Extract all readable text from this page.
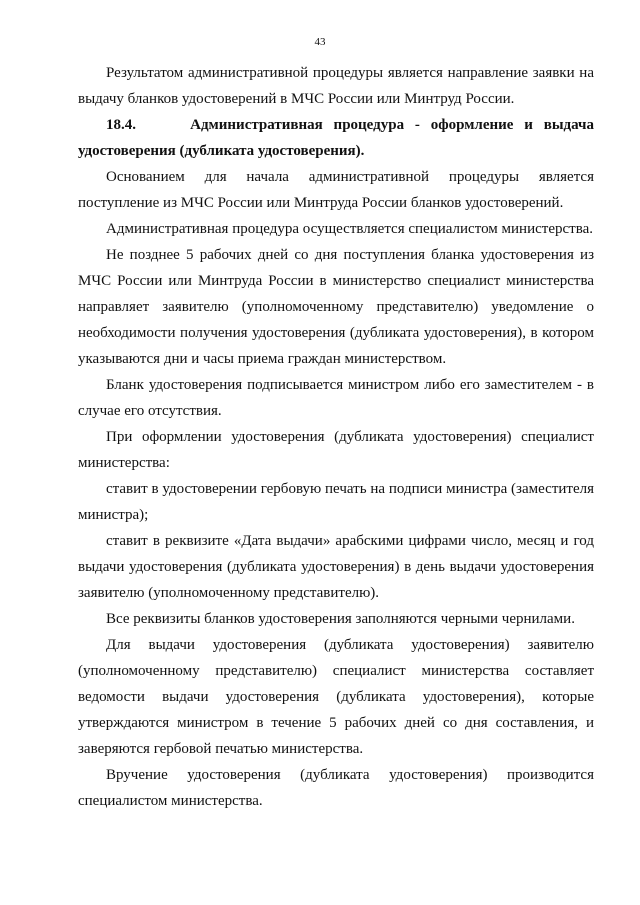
43

Результатом административной процедуры является направление заявки на выдачу бланков удостоверений в МЧС России или Минтруд России.

18.4.	Административная процедура - оформление и выдача удостоверения (дубликата удостоверения).

Основанием для начала административной процедуры является поступление из МЧС России или Минтруда России бланков удостоверений.

Административная процедура осуществляется специалистом министерства.

Не позднее 5 рабочих дней со дня поступления бланка удостоверения из МЧС России или Минтруда России в министерство специалист министерства направляет заявителю (уполномоченному представителю) уведомление о необходимости получения удостоверения (дубликата удостоверения), в котором указываются дни и часы приема граждан министерством.

Бланк удостоверения подписывается министром либо его заместителем - в случае его отсутствия.

При оформлении удостоверения (дубликата удостоверения) специалист министерства:

ставит в удостоверении гербовую печать на подписи министра (заместителя министра);

ставит в реквизите «Дата выдачи» арабскими цифрами число, месяц и год выдачи удостоверения (дубликата удостоверения) в день выдачи удостоверения заявителю (уполномоченному представителю).

Все реквизиты бланков удостоверения заполняются черными чернилами.

Для выдачи удостоверения (дубликата удостоверения) заявителю (уполномоченному представителю) специалист министерства составляет ведомости выдачи удостоверения (дубликата удостоверения), которые утверждаются министром в течение 5 рабочих дней со дня составления, и заверяются гербовой печатью министерства.

Вручение удостоверения (дубликата удостоверения) производится специалистом министерства.
